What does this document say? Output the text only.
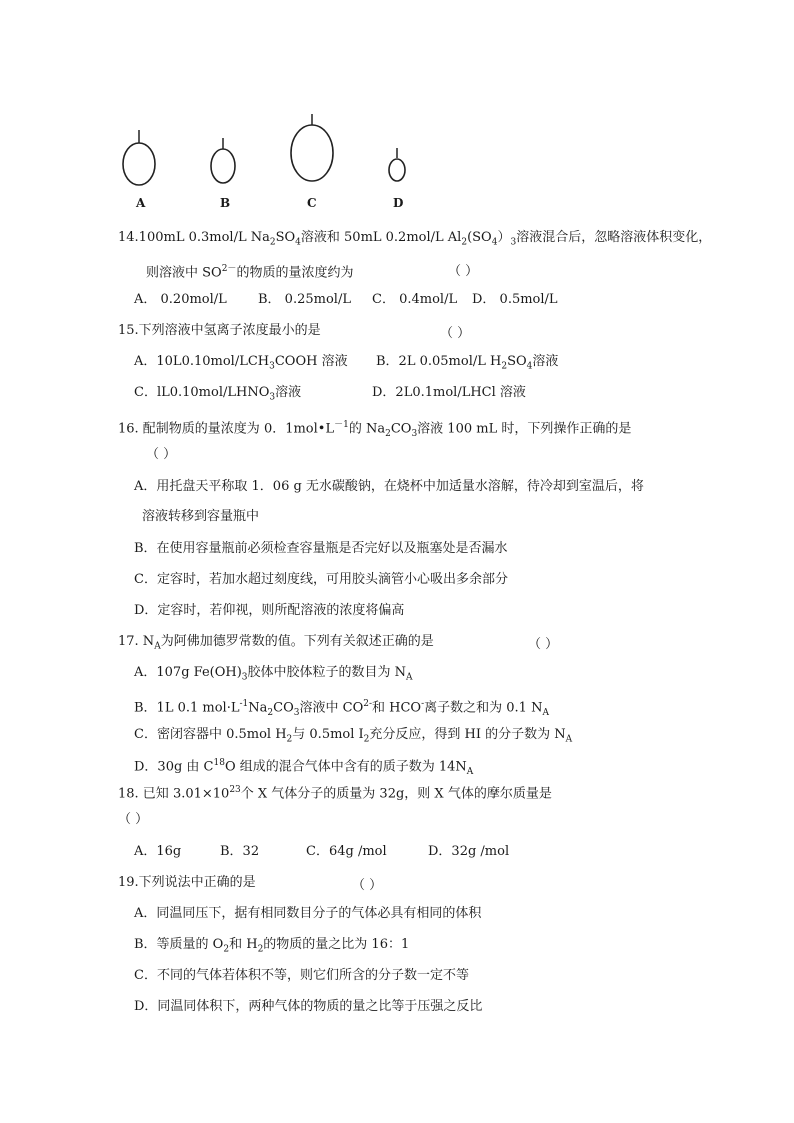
A	B	C	D
14.100mL 0.3mol/L $Na_2SO_4$溶液和 50mL 0.2mol/L $Al_2(SO_4)_3$溶液混合后，忽略溶液体积变化，
则溶液中 $SO^{2-}$的物质的量浓度约为	（ ）
A． 0.20mol/L B． 0.25mol/L C． 0.4mol/L D． 0.5mol/L
15.下列溶液中氢离子浓度最小的是	（ ）
A．$10L0.10mol/LCH_3COOH$ 溶液 B．2L 0.05mol/L $H_2SO_4$溶液
C．$lL0.10mol/LHNO_3$溶液	D．2L0.1mol/LHCl 溶液
16. 配制物质的量浓度为 0．$1mol•L^{-1}$的 $Na_2CO_3$溶液 100 mL 时，下列操作正确的是
（ ）
A．用托盘天平称取 1．06 g 无水碳酸钠，在烧杯中加适量水溶解，待冷却到室温后，将
溶液转移到容量瓶中
B．在使用容量瓶前必须检查容量瓶是否完好以及瓶塞处是否漏水
C．定容时，若加水超过刻度线，可用胶头滴管小心吸出多余部分
D．定容时，若仰视，则所配溶液的浓度将偏高
17. $N_A$为阿佛加德罗常数的值。下列有关叙述正确的是	（ ）
A．107g $Fe(OH)_3$胶体中胶体粒子的数目为 $N_A$
B．1L 0.1 $mol\cdot L^{-1}Na_2CO_3$溶液中 $CO^{2-}$和 HCO-离子数之和为 0.1 $N_A$
C．密闭容器中 0.5mol $H_2$与 0.5mol $I_2$充分反应，得到 HI 的分子数为 $N_A$
D．30g 由 $C^{18}O$ 组成的混合气体中含有的质子数为 $14N_A$
18. 已知 $3.01\times 10^{23}$个 X 气体分子的质量为 32g，则 X 气体的摩尔质量是
（ ）
A．16g	B．32	C．64g /mol	D．32g /mol
19.下列说法中正确的是	（ ）
A．同温同压下，据有相同数目分子的气体必具有相同的体积
B．等质量的 $O_2$和 $H_2$的物质的量之比为 16：1
C．不同的气体若体积不等，则它们所含的分子数一定不等
D．同温同体积下，两种气体的物质的量之比等于压强之反比
